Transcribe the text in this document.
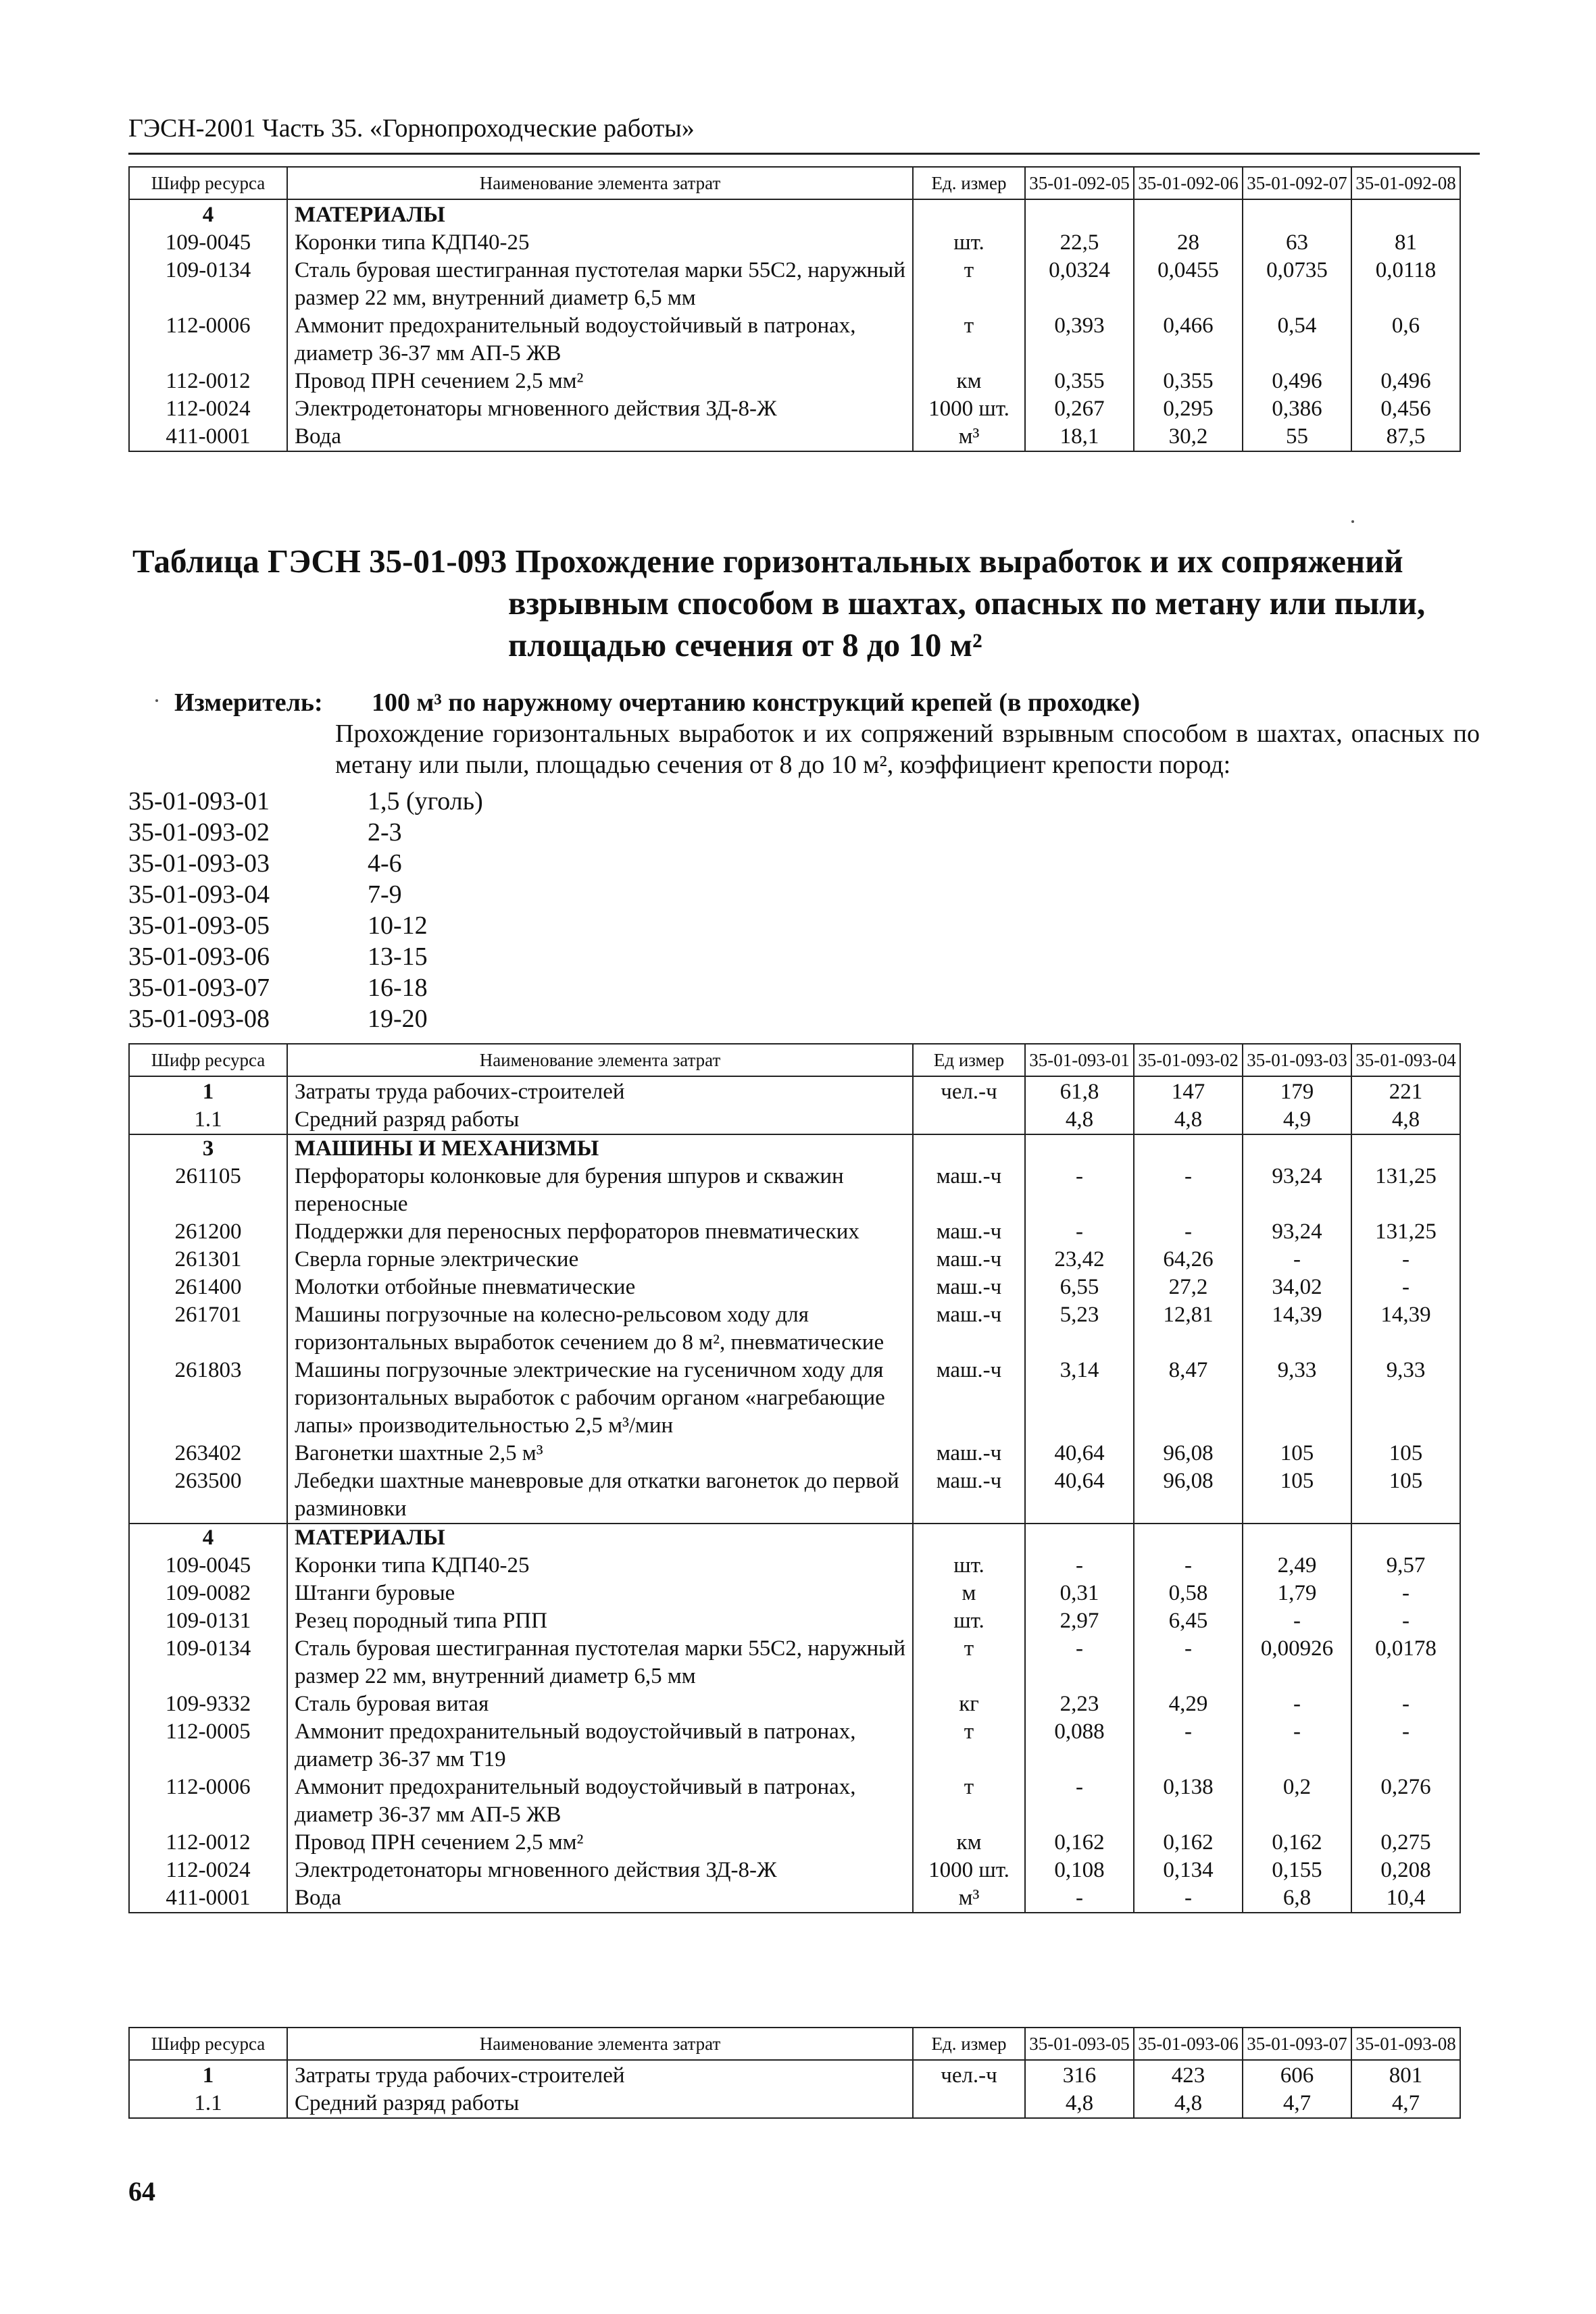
ГЭСН-2001 Часть 35. «Горнопроходческие работы»
Шифр ресурса	Наименование элемента затрат	Ед. измер	35-01-092-05	35-01-092-06	35-01-092-07	35-01-092-08
4	МАТЕРИАЛЫ					
109-0045	Коронки типа КДП40-25	шт.	22,5	28	63	81
109-0134	Сталь буровая шестигранная пустотелая марки 55С2, наружный размер 22 мм, внутренний диаметр 6,5 мм	т	0,0324	0,0455	0,0735	0,0118
112-0006	Аммонит предохранительный водоустойчивый в патронах, диаметр 36-37 мм АП-5 ЖВ	т	0,393	0,466	0,54	0,6
112-0012	Провод ПРН сечением 2,5 мм²	км	0,355	0,355	0,496	0,496
112-0024	Электродетонаторы мгновенного действия ЗД-8-Ж	1000 шт.	0,267	0,295	0,386	0,456
411-0001	Вода	м³	18,1	30,2	55	87,5
Таблица ГЭСН 35-01-093 Прохождение горизонтальных выработок и их сопряжений
взрывным способом в шахтах, опасных по метану или пыли,
площадью сечения от 8 до 10 м²
Измеритель: 100 м³ по наружному очертанию конструкций крепей (в проходке)
Прохождение горизонтальных выработок и их сопряжений взрывным способом в шахтах, опасных по метану или пыли, площадью сечения от 8 до 10 м², коэффициент крепости пород:
35-01-093-01	1,5 (уголь)
35-01-093-02	2-3
35-01-093-03	4-6
35-01-093-04	7-9
35-01-093-05	10-12
35-01-093-06	13-15
35-01-093-07	16-18
35-01-093-08	19-20
Шифр ресурса	Наименование элемента затрат	Ед измер	35-01-093-01	35-01-093-02	35-01-093-03	35-01-093-04
1	Затраты труда рабочих-строителей	чел.-ч	61,8	147	179	221
1.1	Средний разряд работы		4,8	4,8	4,9	4,8
3	МАШИНЫ И МЕХАНИЗМЫ					
261105	Перфораторы колонковые для бурения шпуров и скважин переносные	маш.-ч	-	-	93,24	131,25
261200	Поддержки для переносных перфораторов пневматических	маш.-ч	-	-	93,24	131,25
261301	Сверла горные электрические	маш.-ч	23,42	64,26	-	-
261400	Молотки отбойные пневматические	маш.-ч	6,55	27,2	34,02	-
261701	Машины погрузочные на колесно-рельсовом ходу для горизонтальных выработок сечением до 8 м², пневматические	маш.-ч	5,23	12,81	14,39	14,39
261803	Машины погрузочные электрические на гусеничном ходу для горизонтальных выработок с рабочим органом «нагребающие лапы» производительностью 2,5 м³/мин	маш.-ч	3,14	8,47	9,33	9,33
263402	Вагонетки шахтные 2,5 м³	маш.-ч	40,64	96,08	105	105
263500	Лебедки шахтные маневровые для откатки вагонеток до первой разминовки	маш.-ч	40,64	96,08	105	105
4	МАТЕРИАЛЫ					
109-0045	Коронки типа КДП40-25	шт.	-	-	2,49	9,57
109-0082	Штанги буровые	м	0,31	0,58	1,79	-
109-0131	Резец породный типа РПП	шт.	2,97	6,45	-	-
109-0134	Сталь буровая шестигранная пустотелая марки 55С2, наружный размер 22 мм, внутренний диаметр 6,5 мм	т	-	-	0,00926	0,0178
109-9332	Сталь буровая витая	кг	2,23	4,29	-	-
112-0005	Аммонит предохранительный водоустойчивый в патронах, диаметр 36-37 мм Т19	т	0,088	-	-	-
112-0006	Аммонит предохранительный водоустойчивый в патронах, диаметр 36-37 мм АП-5 ЖВ	т	-	0,138	0,2	0,276
112-0012	Провод ПРН сечением 2,5 мм²	км	0,162	0,162	0,162	0,275
112-0024	Электродетонаторы мгновенного действия ЗД-8-Ж	1000 шт.	0,108	0,134	0,155	0,208
411-0001	Вода	м³	-	-	6,8	10,4
Шифр ресурса	Наименование элемента затрат	Ед. измер	35-01-093-05	35-01-093-06	35-01-093-07	35-01-093-08
1	Затраты труда рабочих-строителей	чел.-ч	316	423	606	801
1.1	Средний разряд работы		4,8	4,8	4,7	4,7
64
